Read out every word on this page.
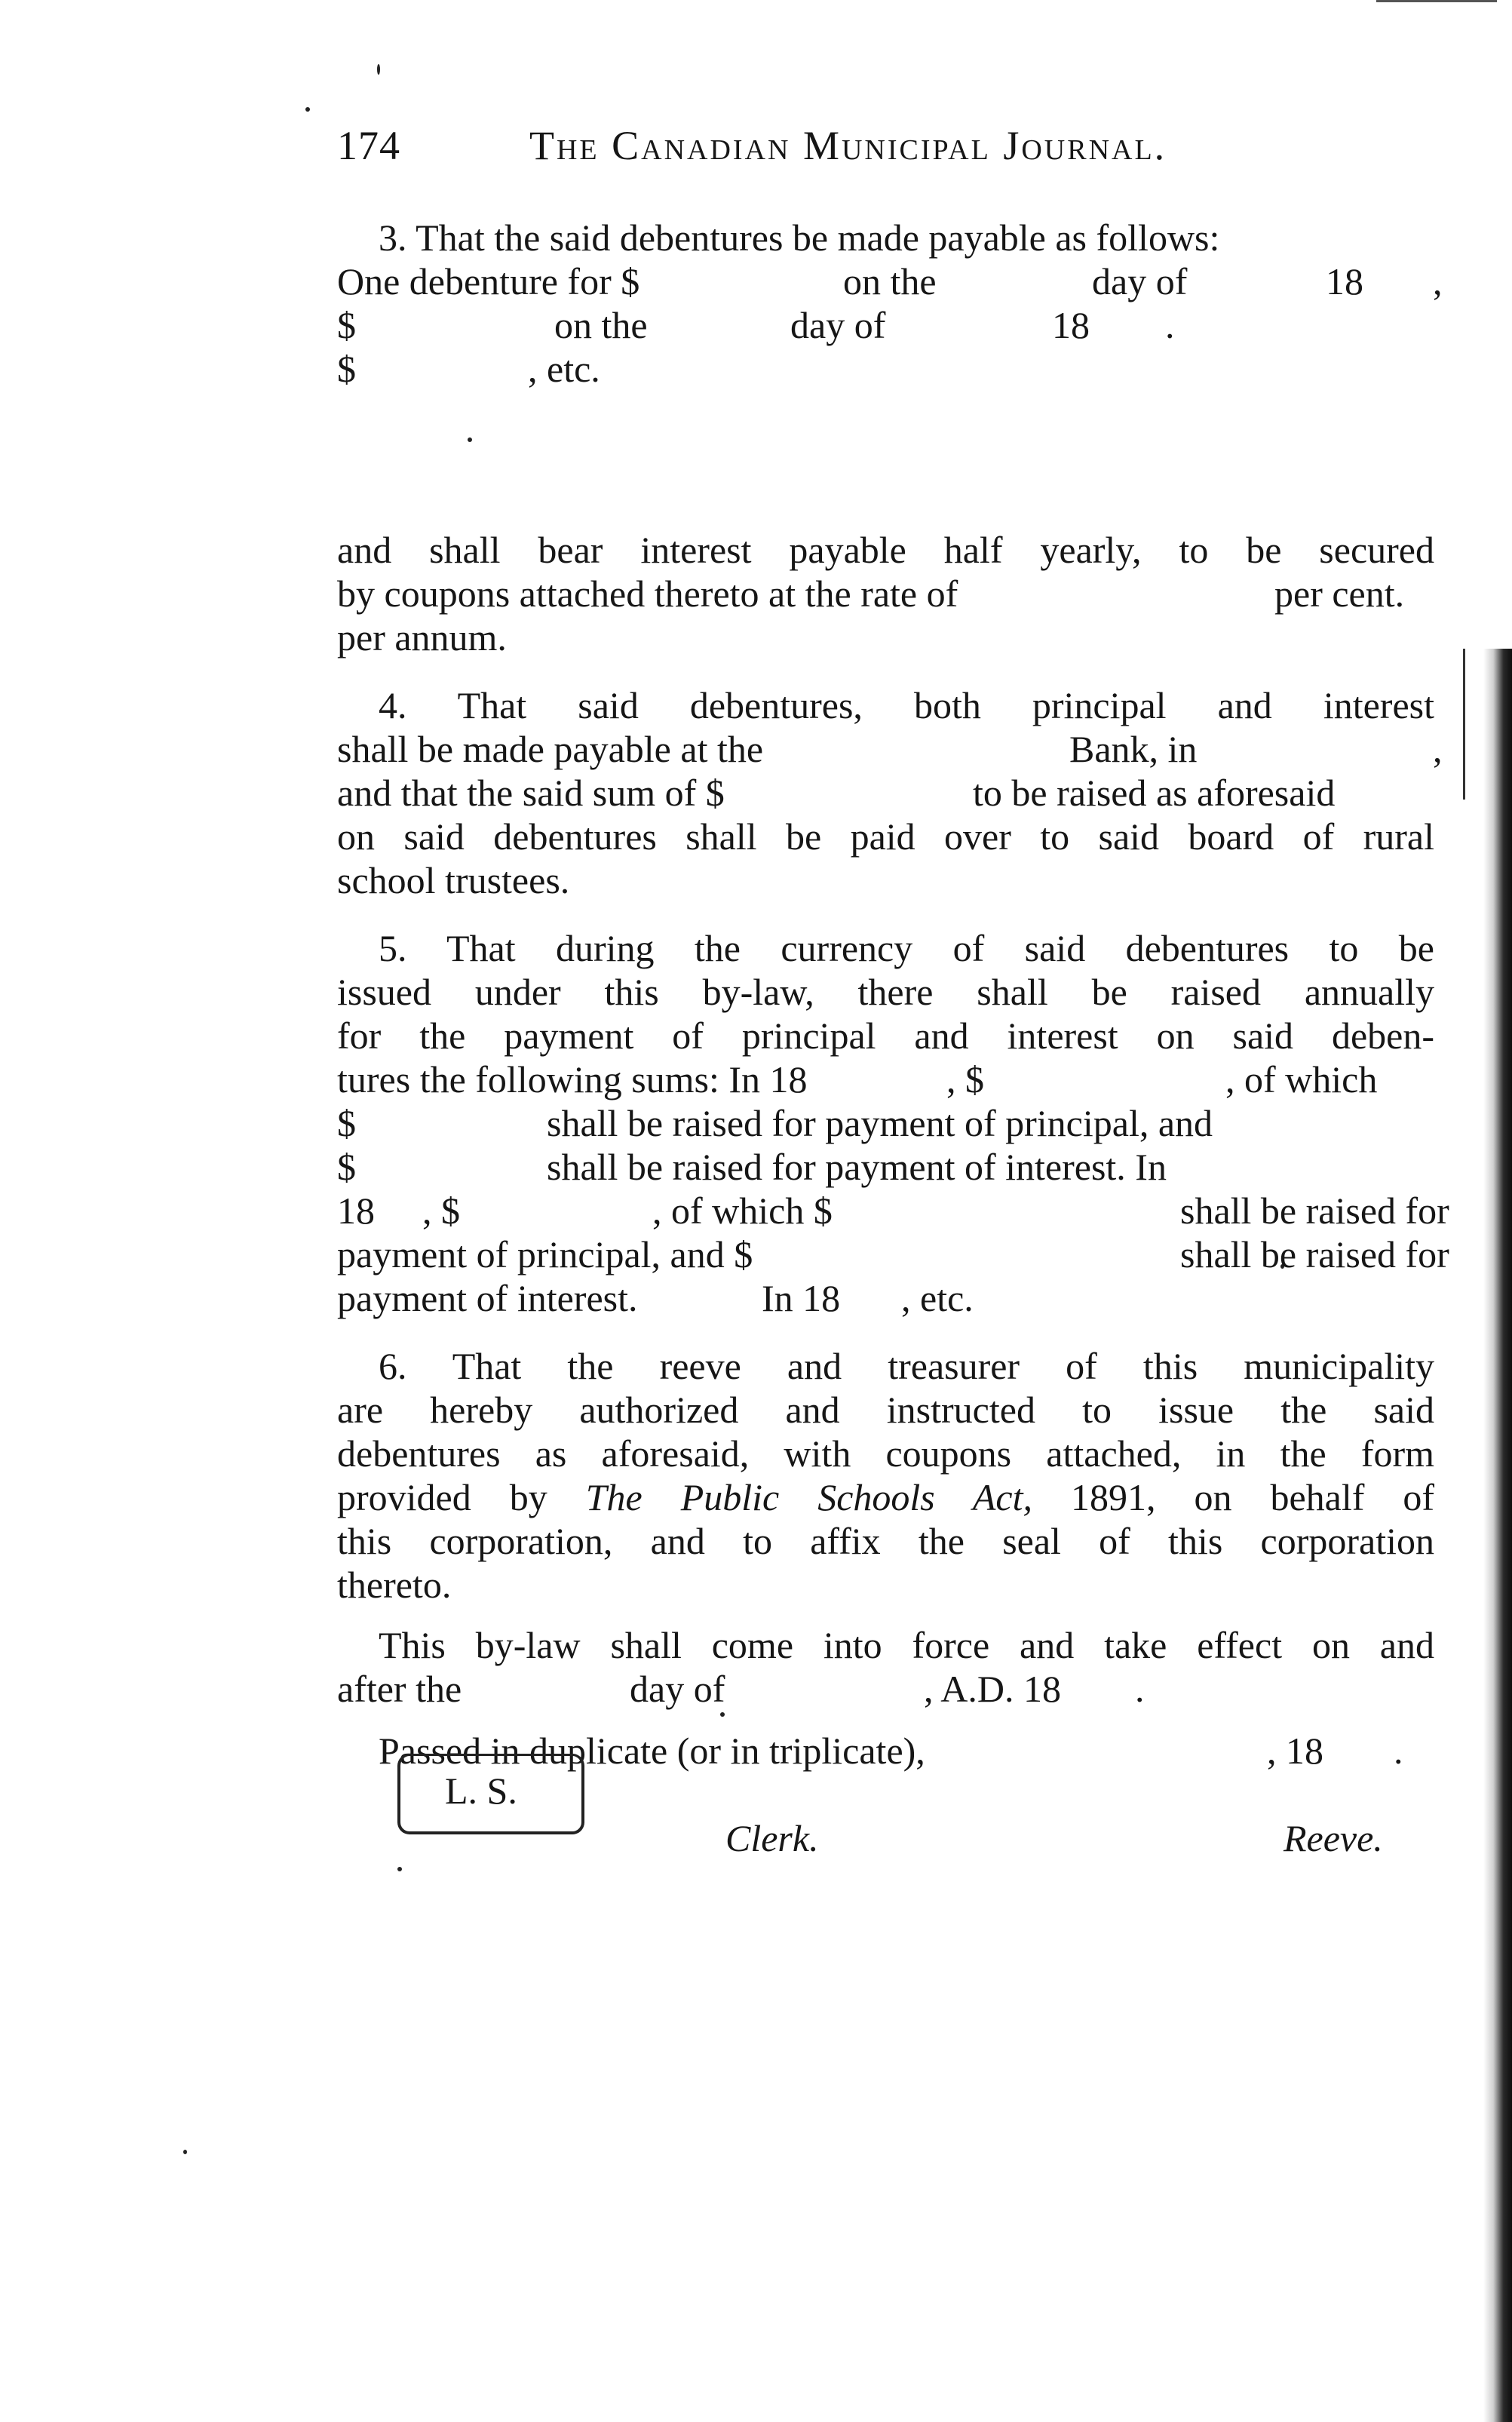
174	The Canadian Municipal Journal.
3. That the said debentures be made payable as follows:
One debenture for $	on the	day of	18 ,
$	on the	day of	18 .
$	, etc.
and shall bear interest payable half yearly, to be secured
by coupons attached thereto at the rate of	per cent.
per annum.
4. That said debentures, both principal and interest
shall be made payable at the	Bank, in	,
and that the said sum of $	to be raised as aforesaid
on said debentures shall be paid over to said board of rural
school trustees.
5. That during the currency of said debentures to be
issued under this by-law, there shall be raised annually
for the payment of principal and interest on said deben-
tures the following sums: In 18	, $	, of which
$	shall be raised for payment of principal, and
$	shall be raised for payment of interest. In
18 , $	, of which $	shall be raised for
payment of principal, and $	shall be raised for
payment of interest.	In 18 , etc.
6. That the reeve and treasurer of this municipality
are hereby authorized and instructed to issue the said
debentures as aforesaid, with coupons attached, in the form
provided by The Public Schools Act, 1891, on behalf of
this corporation, and to affix the seal of this corporation
thereto.
This by-law shall come into force and take effect on and
after the	day of	, A.D. 18 .
Passed in duplicate (or in triplicate),	, 18 .
L. S.
Clerk.	Reeve.
